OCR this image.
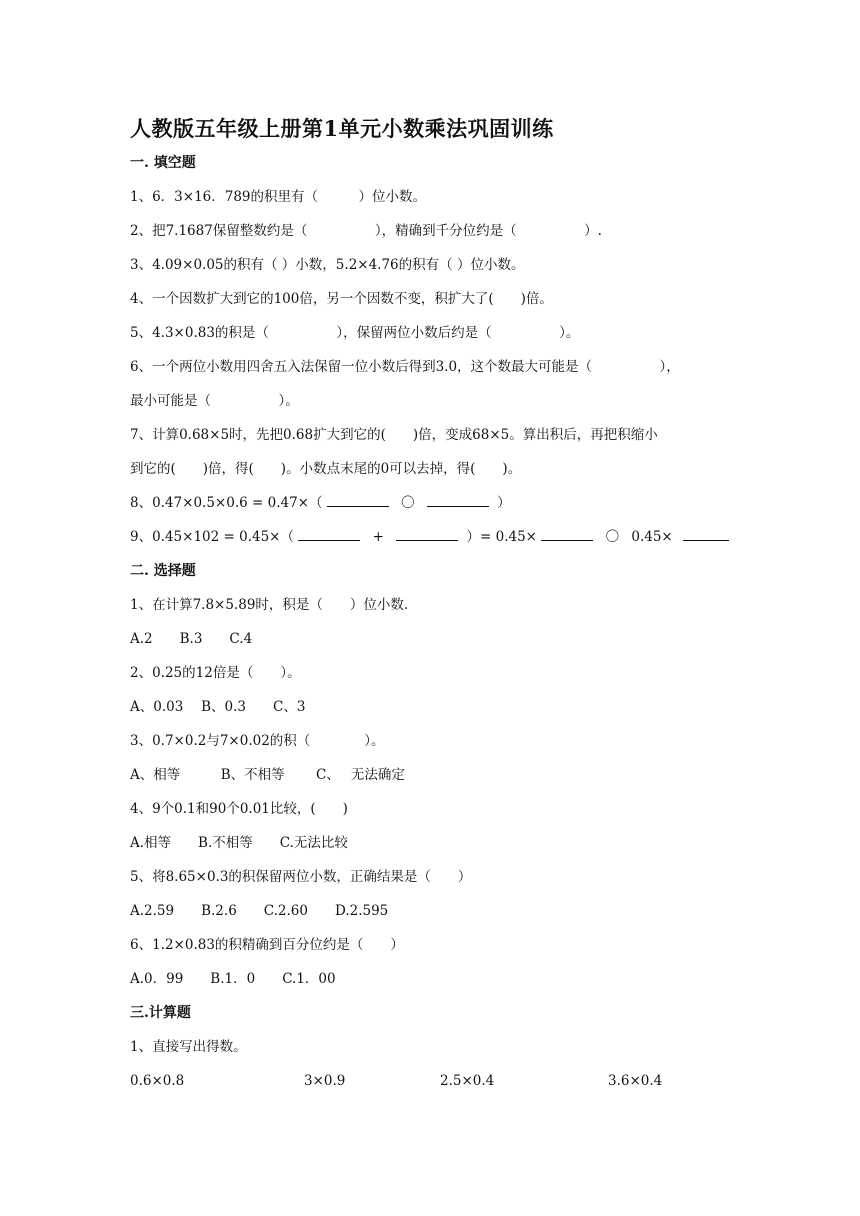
人教版五年级上册第1单元小数乘法巩固训练

一. 填空题

1、6．3×16．789的积里有（　　　）位小数。

2、把7.1687保留整数约是（　　　　　），精确到千分位约是（　　　　　）.

3、4.09×0.05的积有（ ）小数，5.2×4.76的积有（ ）位小数。

4、一个因数扩大到它的100倍，另一个因数不变，积扩大了(　　)倍。

5、4.3×0.83的积是（　　　　　），保留两位小数后约是（　　　　　）。

6、一个两位小数用四舍五入法保留一位小数后得到3.0，这个数最大可能是（　　　　　），

最小可能是（　　　　　）。

7、计算0.68×5时，先把0.68扩大到它的(　　)倍，变成68×5。算出积后，再把积缩小

到它的(　　)倍，得(　　)。小数点末尾的0可以去掉，得(　　)。

8、0.47×0.5×0.6 = 0.47×（	〇	）

9、0.45×102 = 0.45×（	+	）= 0.45×	〇 0.45×

二. 选择题

1、在计算7.8×5.89时，积是（　　）位小数.

A.2　　B.3　　C.4

2、0.25的12倍是（　　）。

A、0.03　 B、0.3　　C、3

3、0.7×0.2与7×0.02的积（　　　　）。

A、相等　　　B、不相等　　 C、　 无法确定

4、9个0.1和90个0.01比较，(　　)

A.相等　　B.不相等　　C.无法比较

5、将8.65×0.3的积保留两位小数，正确结果是（　　）

A.2.59　　B.2.6　　C.2.60　　D.2.595

6、1.2×0.83的积精确到百分位约是（　　）

A.0．99　　B.1．0　　C.1．00

三.计算题

1、直接写出得数。

0.6×0.8	3×0.9	2.5×0.4	3.6×0.4
